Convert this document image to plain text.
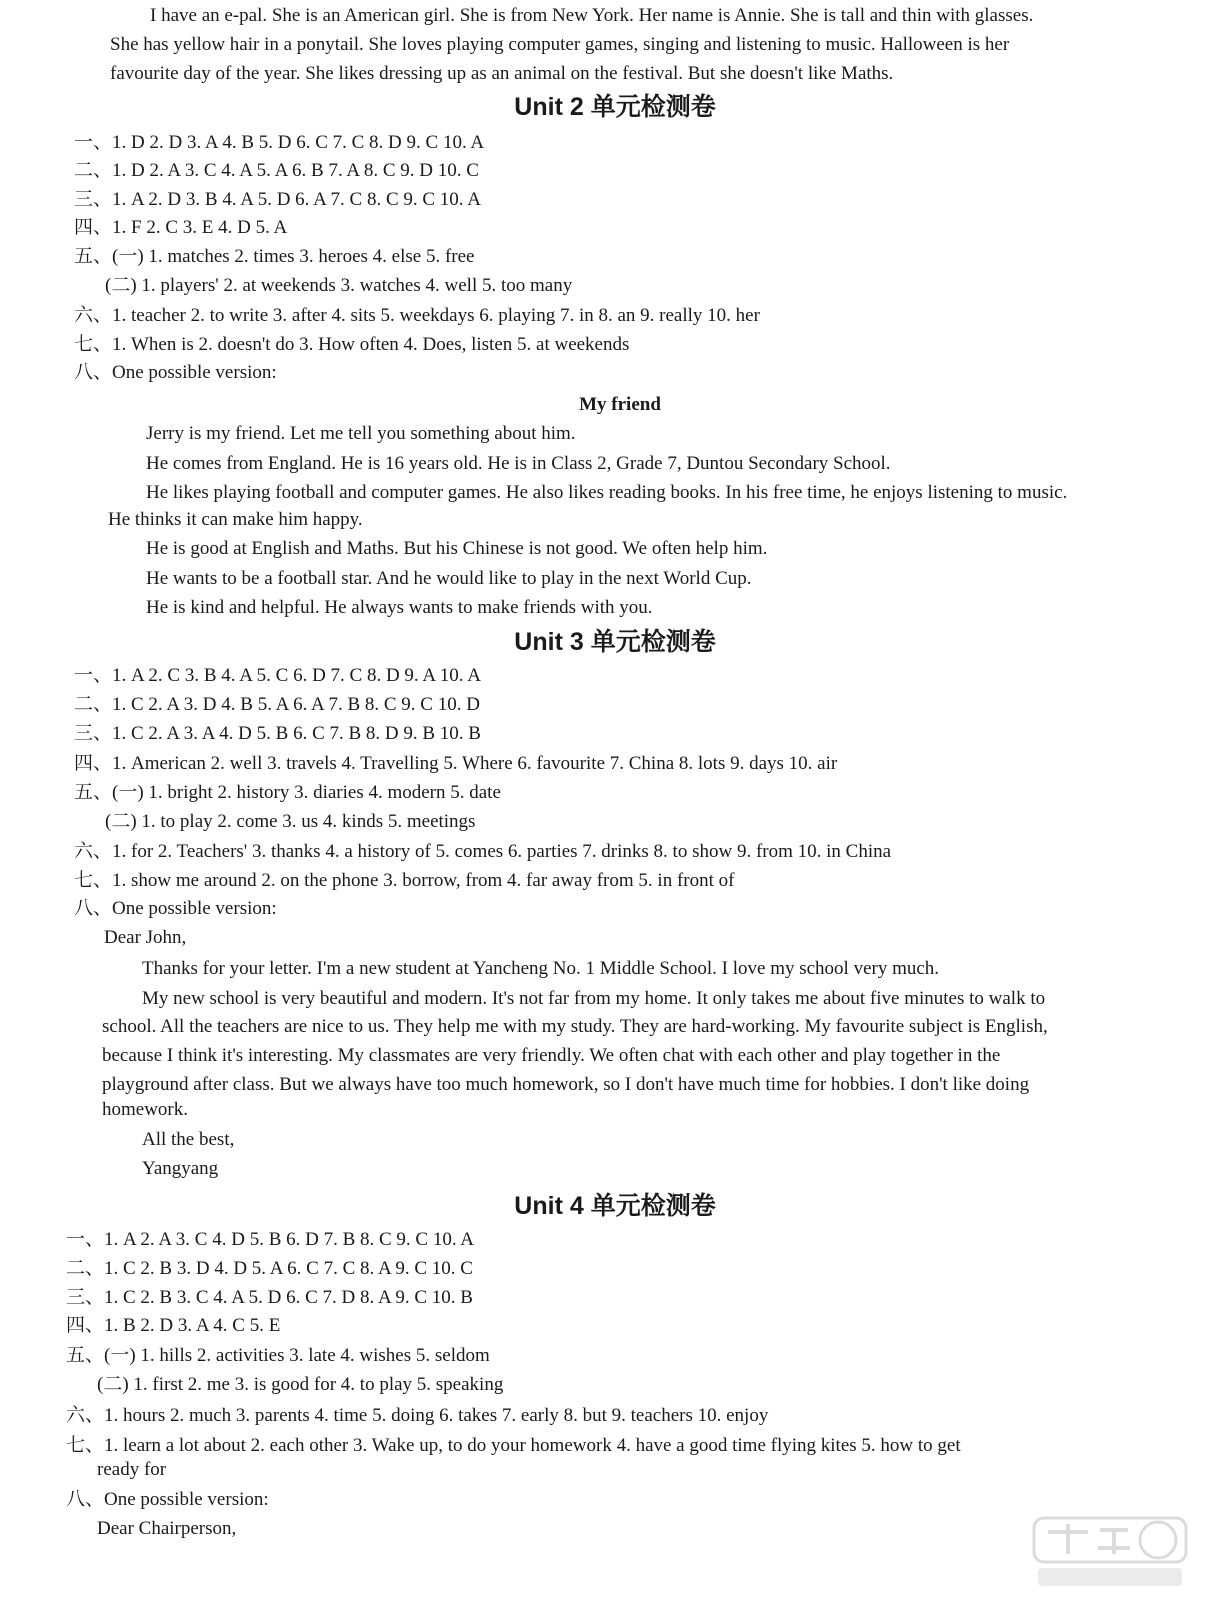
I have an e-pal. She is an American girl. She is from New York. Her name is Annie. She is tall and thin with glasses.
She has yellow hair in a ponytail. She loves playing computer games, singing and listening to music. Halloween is her
favourite day of the year. She likes dressing up as an animal on the festival. But she doesn't like Maths.
Unit 2 单元检测卷
一、1. D 2. D 3. A 4. B 5. D 6. C 7. C 8. D 9. C 10. A
二、1. D 2. A 3. C 4. A 5. A 6. B 7. A 8. C 9. D 10. C
三、1. A 2. D 3. B 4. A 5. D 6. A 7. C 8. C 9. C 10. A
四、1. F 2. C 3. E 4. D 5. A
五、(一) 1. matches 2. times 3. heroes 4. else 5. free
(二) 1. players' 2. at weekends 3. watches 4. well 5. too many
六、1. teacher 2. to write 3. after 4. sits 5. weekdays 6. playing 7. in 8. an 9. really 10. her
七、1. When is 2. doesn't do 3. How often 4. Does, listen 5. at weekends
八、One possible version:
My friend
Jerry is my friend. Let me tell you something about him.
He comes from England. He is 16 years old. He is in Class 2, Grade 7, Duntou Secondary School.
He likes playing football and computer games. He also likes reading books. In his free time, he enjoys listening to music.
He thinks it can make him happy.
He is good at English and Maths. But his Chinese is not good. We often help him.
He wants to be a football star. And he would like to play in the next World Cup.
He is kind and helpful. He always wants to make friends with you.
Unit 3 单元检测卷
一、1. A 2. C 3. B 4. A 5. C 6. D 7. C 8. D 9. A 10. A
二、1. C 2. A 3. D 4. B 5. A 6. A 7. B 8. C 9. C 10. D
三、1. C 2. A 3. A 4. D 5. B 6. C 7. B 8. D 9. B 10. B
四、1. American 2. well 3. travels 4. Travelling 5. Where 6. favourite 7. China 8. lots 9. days 10. air
五、(一) 1. bright 2. history 3. diaries 4. modern 5. date
(二) 1. to play 2. come 3. us 4. kinds 5. meetings
六、1. for 2. Teachers' 3. thanks 4. a history of 5. comes 6. parties 7. drinks 8. to show 9. from 10. in China
七、1. show me around 2. on the phone 3. borrow, from 4. far away from 5. in front of
八、One possible version:
Dear John,
Thanks for your letter. I'm a new student at Yancheng No. 1 Middle School. I love my school very much.
My new school is very beautiful and modern. It's not far from my home. It only takes me about five minutes to walk to
school. All the teachers are nice to us. They help me with my study. They are hard-working. My favourite subject is English,
because I think it's interesting. My classmates are very friendly. We often chat with each other and play together in the
playground after class. But we always have too much homework, so I don't have much time for hobbies. I don't like doing
homework.
All the best,
Yangyang
Unit 4 单元检测卷
一、1. A 2. A 3. C 4. D 5. B 6. D 7. B 8. C 9. C 10. A
二、1. C 2. B 3. D 4. D 5. A 6. C 7. C 8. A 9. C 10. C
三、1. C 2. B 3. C 4. A 5. D 6. C 7. D 8. A 9. C 10. B
四、1. B 2. D 3. A 4. C 5. E
五、(一) 1. hills 2. activities 3. late 4. wishes 5. seldom
(二) 1. first 2. me 3. is good for 4. to play 5. speaking
六、1. hours 2. much 3. parents 4. time 5. doing 6. takes 7. early 8. but 9. teachers 10. enjoy
七、1. learn a lot about 2. each other 3. Wake up, to do your homework 4. have a good time flying kites 5. how to get
ready for
八、One possible version:
Dear Chairperson,
